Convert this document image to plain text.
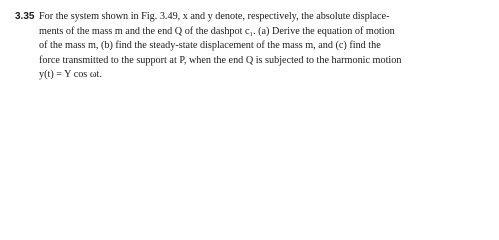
3.35 For the system shown in Fig. 3.49, x and y denote, respectively, the absolute displace-
ments of the mass m and the end Q of the dashpot c₁. (a) Derive the equation of motion
of the mass m, (b) find the steady-state displacement of the mass m, and (c) find the
force transmitted to the support at P, when the end Q is subjected to the harmonic motion
y(t) = Y cos ωt.
